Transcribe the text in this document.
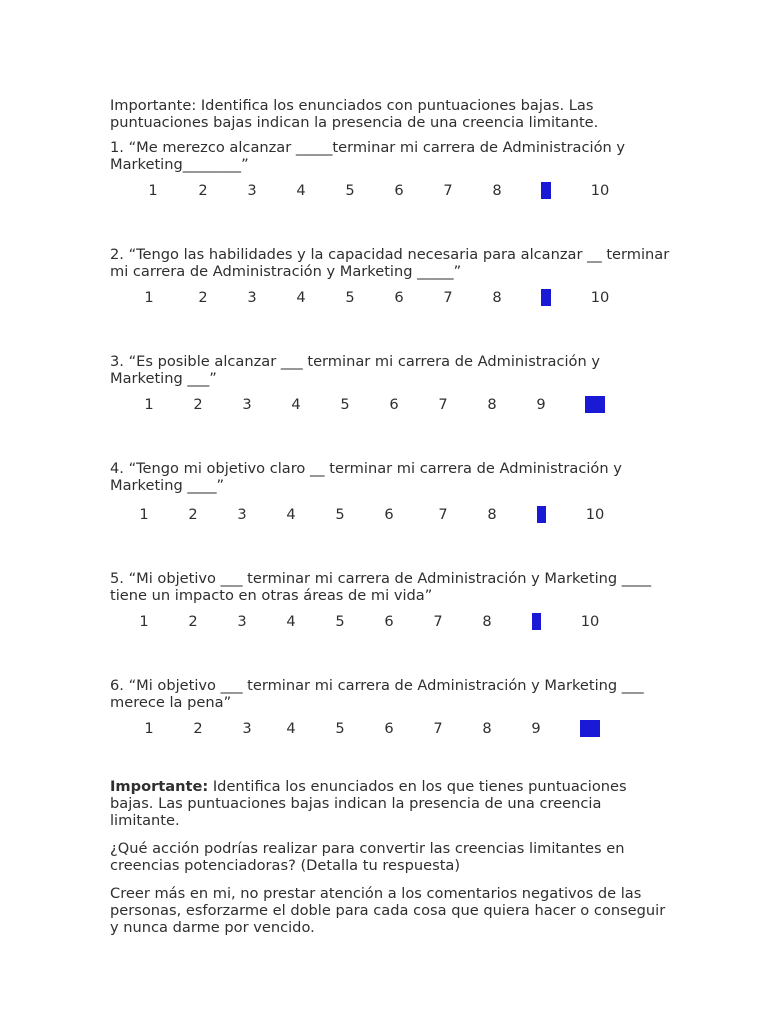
Importante: Identifica los enunciados con puntuaciones bajas. Las puntuaciones bajas indican la presencia de una creencia limitante.

1. “Me merezco alcanzar _____terminar mi carrera de Administración y Marketing________”

1	2	3	4	5	6	7	8	9	10

2. “Tengo las habilidades y la capacidad necesaria para alcanzar __ terminar mi carrera de Administración y Marketing _____”

1	2	3	4	5	6	7	8	9	10

3. “Es posible alcanzar ___ terminar mi carrera de Administración y Marketing ___”

1	2	3	4	5	6	7	8	9	10

4. “Tengo mi objetivo claro __ terminar mi carrera de Administración y Marketing ____”

1	2	3	4	5	6	7	8	9	10

5. “Mi objetivo ___ terminar mi carrera de Administración y Marketing ____ tiene un impacto en otras áreas de mi vida”

1	2	3	4	5	6	7	8	9	10

6. “Mi objetivo ___ terminar mi carrera de Administración y Marketing ___ merece la pena”

1	2	3	4	5	6	7	8	9	10

Importante: Identifica los enunciados en los que tienes puntuaciones bajas. Las puntuaciones bajas indican la presencia de una creencia limitante.

¿Qué acción podrías realizar para convertir las creencias limitantes en creencias potenciadoras? (Detalla tu respuesta)

Creer más en mi, no prestar atención a los comentarios negativos de las personas, esforzarme el doble para cada cosa que quiera hacer o conseguir y nunca darme por vencido.
